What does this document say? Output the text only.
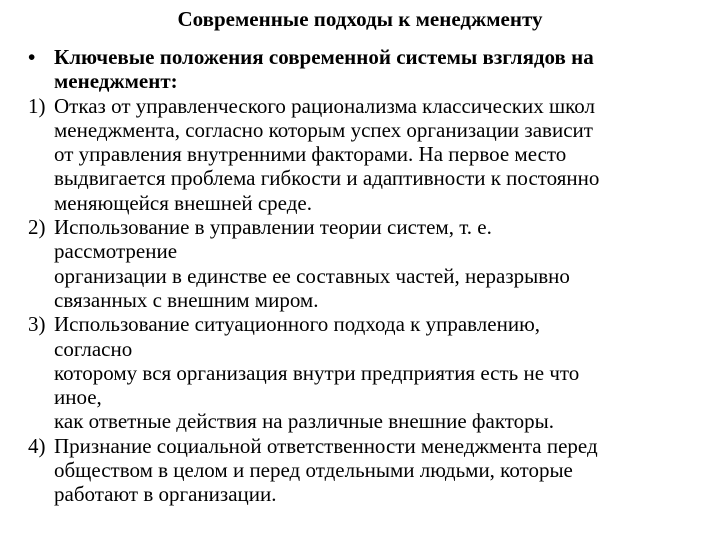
Современные подходы к менеджменту
• Ключевые положения современной системы взглядов на
менеджмент:
1) Отказ от управленческого рационализма классических школ
менеджмента, согласно которым успех организации зависит
от управления внутренними факторами. На первое место
выдвигается проблема гибкости и адаптивности к постоянно
меняющейся внешней среде.
2) Использование в управлении теории систем, т. е.
рассмотрение
организации в единстве ее составных частей, неразрывно
связанных с внешним миром.
3) Использование ситуационного подхода к управлению,
согласно
которому вся организация внутри предприятия есть не что
иное,
как ответные действия на различные внешние факторы.
4) Признание социальной ответственности менеджмента перед
обществом в целом и перед отдельными людьми, которые
работают в организации.
